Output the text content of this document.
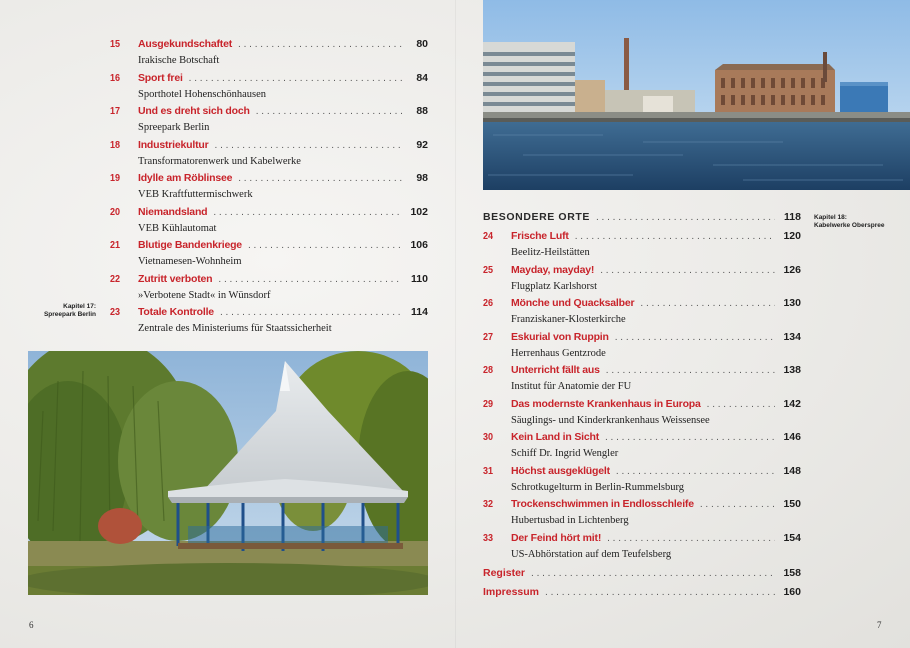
15	Ausgekundschaftet . . .	80
Irakische Botschaft
16	Sport frei . . .	84
Sporthotel Hohenschönhausen
17	Und es dreht sich doch . . .	88
Spreepark Berlin
18	Industriekultur . . .	92
Transformatorenwerk und Kabelwerke
19	Idylle am Röblinsee . . .	98
VEB Kraftfuttermischwerk
20	Niemandsland . . .	102
VEB Kühlautomat
21	Blutige Bandenkriege . . .	106
Vietnamesen-Wohnheim
22	Zutritt verboten . . .	110
»Verbotene Stadt« in Wünsdorf
23	Totale Kontrolle . . .	114
Zentrale des Ministeriums für Staatssicherheit
Kapitel 17:
Spreepark Berlin
6
Kapitel 18:
Kabelwerke Oberspree
BESONDERE ORTE . . .	118
24	Frische Luft . . .	120
Beelitz-Heilstätten
25	Mayday, mayday! . . .	126
Flugplatz Karlshorst
26	Mönche und Quacksalber . . .	130
Franziskaner-Klosterkirche
27	Eskurial von Ruppin . . .	134
Herrenhaus Gentzrode
28	Unterricht fällt aus . . .	138
Institut für Anatomie der FU
29	Das modernste Krankenhaus in Europa . . .	142
Säuglings- und Kinderkrankenhaus Weissensee
30	Kein Land in Sicht . . .	146
Schiff Dr. Ingrid Wengler
31	Höchst ausgeklügelt . . .	148
Schrotkugelturm in Berlin-Rummelsburg
32	Trockenschwimmen in Endlosschleife . . .	150
Hubertusbad in Lichtenberg
33	Der Feind hört mit! . . .	154
US-Abhörstation auf dem Teufelsberg
Register . . .	158
Impressum . . .	160
7
